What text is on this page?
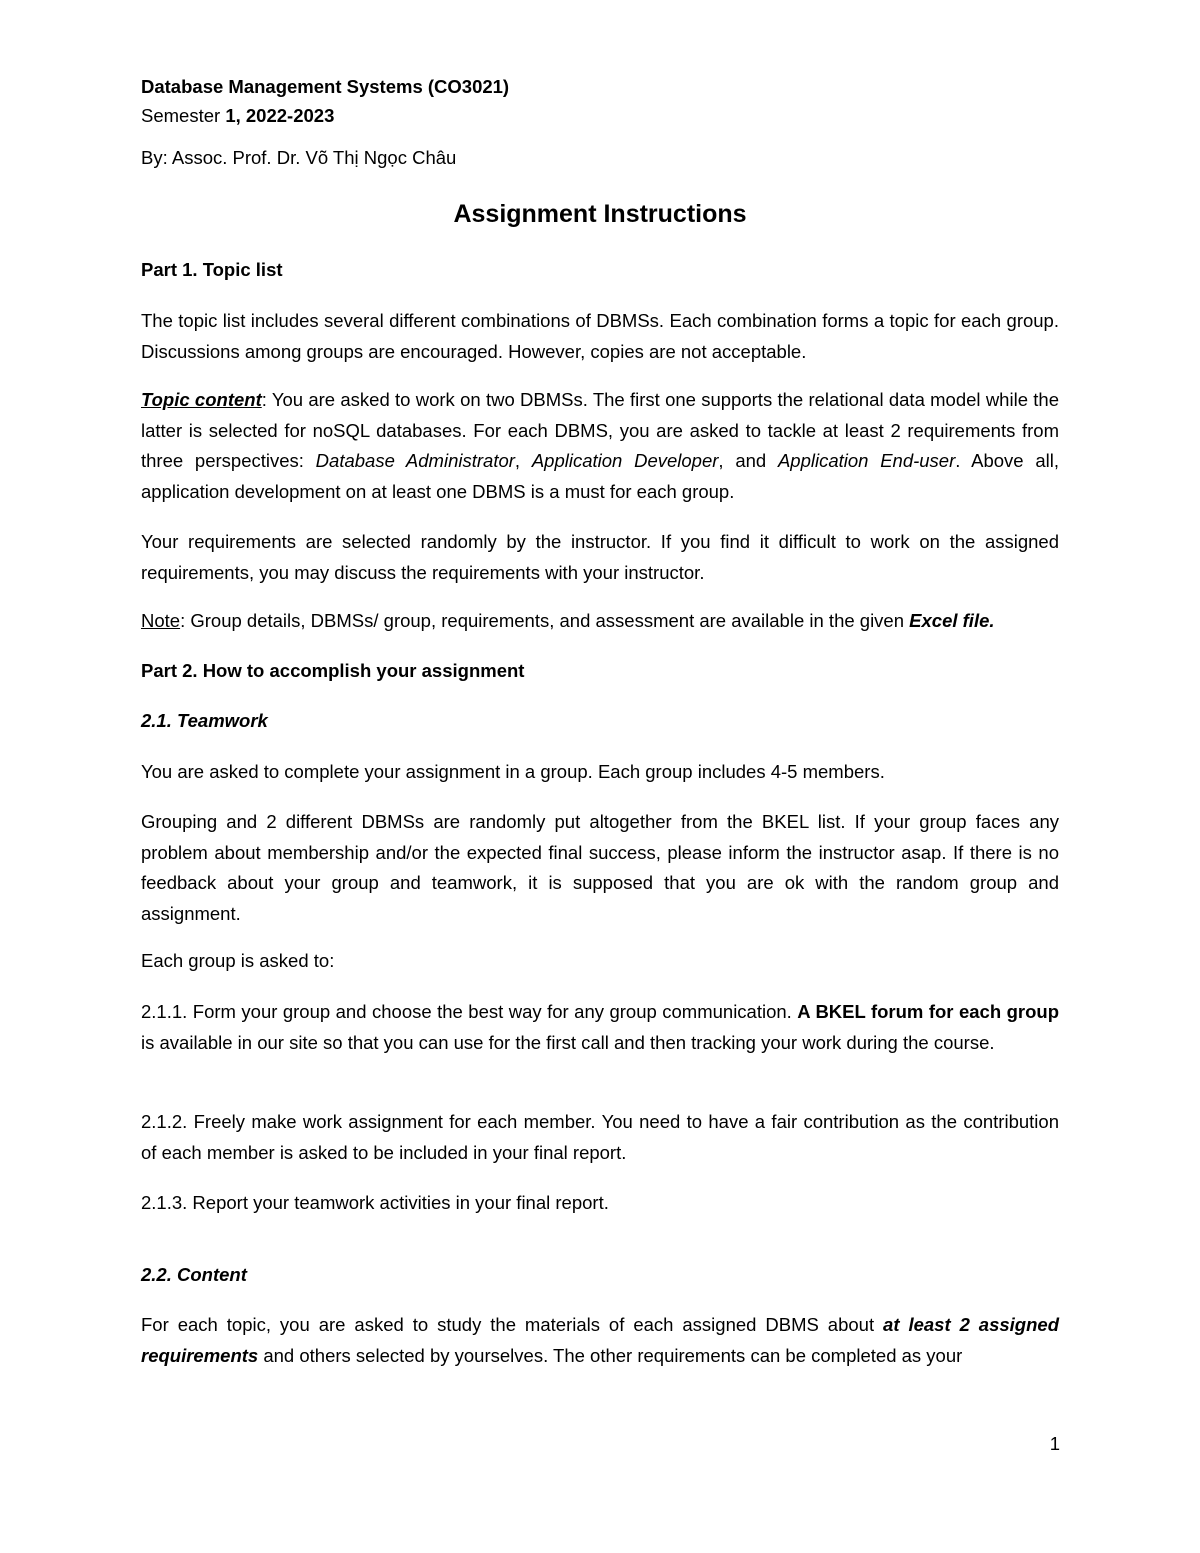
Database Management Systems (CO3021)
Semester 1, 2022-2023
By: Assoc. Prof. Dr. Võ Thị Ngọc Châu
Assignment Instructions
Part 1. Topic list
The topic list includes several different combinations of DBMSs. Each combination forms a topic for each group. Discussions among groups are encouraged. However, copies are not acceptable.
Topic content: You are asked to work on two DBMSs. The first one supports the relational data model while the latter is selected for noSQL databases. For each DBMS, you are asked to tackle at least 2 requirements from three perspectives: Database Administrator, Application Developer, and Application End-user. Above all, application development on at least one DBMS is a must for each group.
Your requirements are selected randomly by the instructor. If you find it difficult to work on the assigned requirements, you may discuss the requirements with your instructor.
Note: Group details, DBMSs/ group, requirements, and assessment are available in the given Excel file.
Part 2. How to accomplish your assignment
2.1. Teamwork
You are asked to complete your assignment in a group. Each group includes 4-5 members.
Grouping and 2 different DBMSs are randomly put altogether from the BKEL list. If your group faces any problem about membership and/or the expected final success, please inform the instructor asap. If there is no feedback about your group and teamwork, it is supposed that you are ok with the random group and assignment.
Each group is asked to:
2.1.1. Form your group and choose the best way for any group communication. A BKEL forum for each group is available in our site so that you can use for the first call and then tracking your work during the course.
2.1.2. Freely make work assignment for each member. You need to have a fair contribution as the contribution of each member is asked to be included in your final report.
2.1.3. Report your teamwork activities in your final report.
2.2. Content
For each topic, you are asked to study the materials of each assigned DBMS about at least 2 assigned requirements and others selected by yourselves. The other requirements can be completed as your
1
